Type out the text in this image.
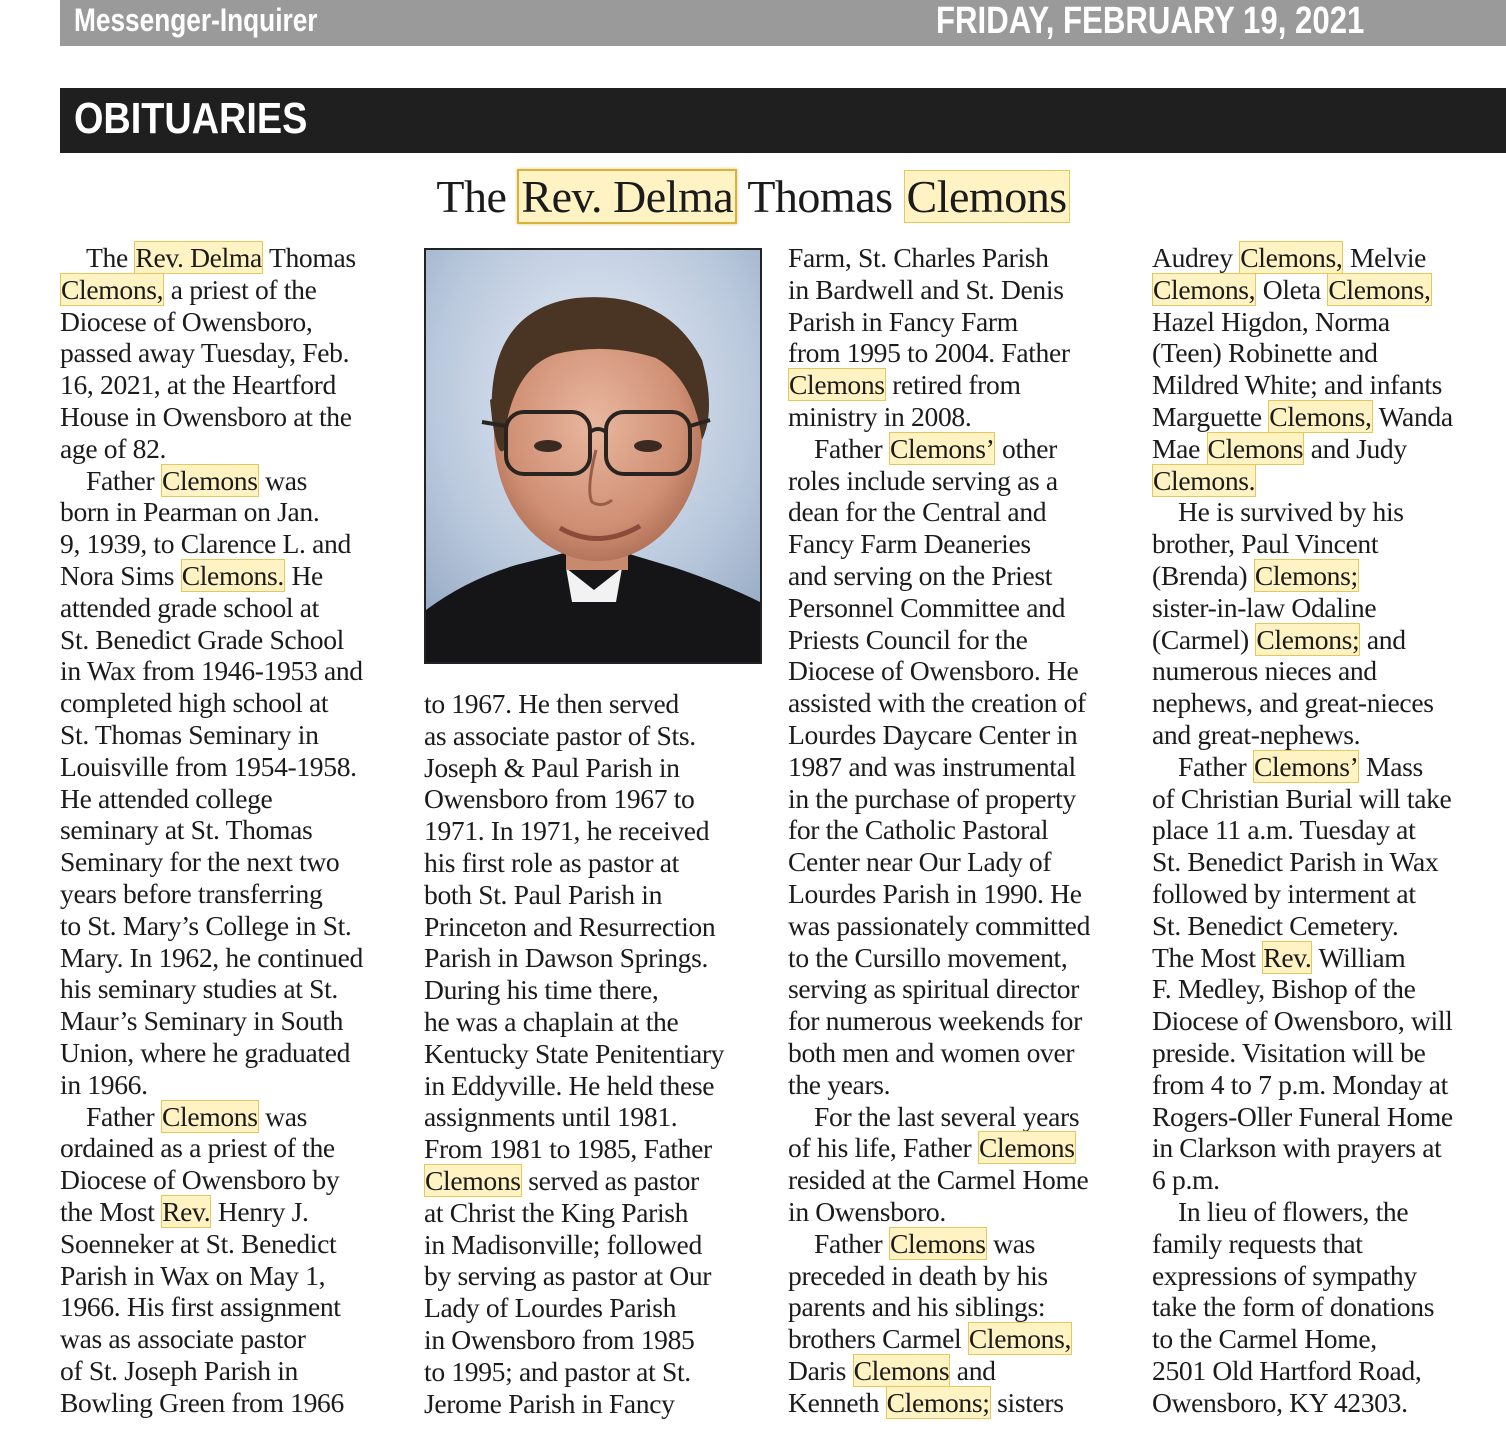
Messenger-Inquirer	FRIDAY, FEBRUARY 19, 2021
OBITUARIES
The Rev. Delma Thomas Clemons

The Rev. Delma Thomas

Clemons, a priest of the

Diocese of Owensboro,

passed away Tuesday, Feb.

16, 2021, at the Heartford

House in Owensboro at the

age of 82.

Father Clemons was

born in Pearman on Jan.

9, 1939, to Clarence L. and

Nora Sims Clemons. He

attended grade school at

St. Benedict Grade School

in Wax from 1946-1953 and

completed high school at

St. Thomas Seminary in

Louisville from 1954-1958.

He attended college

seminary at St. Thomas

Seminary for the next two

years before transferring

to St. Mary’s College in St.

Mary. In 1962, he continued

his seminary studies at St.

Maur’s Seminary in South

Union, where he graduated

in 1966.

Father Clemons was

ordained as a priest of the

Diocese of Owensboro by

the Most Rev. Henry J.

Soenneker at St. Benedict

Parish in Wax on May 1,

1966. His first assignment

was as associate pastor

of St. Joseph Parish in

Bowling Green from 1966

to 1967. He then served

as associate pastor of Sts.

Joseph & Paul Parish in

Owensboro from 1967 to

1971. In 1971, he received

his first role as pastor at

both St. Paul Parish in

Princeton and Resurrection

Parish in Dawson Springs.

During his time there,

he was a chaplain at the

Kentucky State Penitentiary

in Eddyville. He held these

assignments until 1981.

From 1981 to 1985, Father

Clemons served as pastor

at Christ the King Parish

in Madisonville; followed

by serving as pastor at Our

Lady of Lourdes Parish

in Owensboro from 1985

to 1995; and pastor at St.

Jerome Parish in Fancy

Farm, St. Charles Parish

in Bardwell and St. Denis

Parish in Fancy Farm

from 1995 to 2004. Father

Clemons retired from

ministry in 2008.

Father Clemons’ other

roles include serving as a

dean for the Central and

Fancy Farm Deaneries

and serving on the Priest

Personnel Committee and

Priests Council for the

Diocese of Owensboro. He

assisted with the creation of

Lourdes Daycare Center in

1987 and was instrumental

in the purchase of property

for the Catholic Pastoral

Center near Our Lady of

Lourdes Parish in 1990. He

was passionately committed

to the Cursillo movement,

serving as spiritual director

for numerous weekends for

both men and women over

the years.

For the last several years

of his life, Father Clemons

resided at the Carmel Home

in Owensboro.

Father Clemons was

preceded in death by his

parents and his siblings:

brothers Carmel Clemons,

Daris Clemons and

Kenneth Clemons; sisters

Audrey Clemons, Melvie

Clemons, Oleta Clemons,

Hazel Higdon, Norma

(Teen) Robinette and

Mildred White; and infants

Marguette Clemons, Wanda

Mae Clemons and Judy

Clemons.

He is survived by his

brother, Paul Vincent

(Brenda) Clemons;

sister-in-law Odaline

(Carmel) Clemons; and

numerous nieces and

nephews, and great-nieces

and great-nephews.

Father Clemons’ Mass

of Christian Burial will take

place 11 a.m. Tuesday at

St. Benedict Parish in Wax

followed by interment at

St. Benedict Cemetery.

The Most Rev. William

F. Medley, Bishop of the

Diocese of Owensboro, will

preside. Visitation will be

from 4 to 7 p.m. Monday at

Rogers-Oller Funeral Home

in Clarkson with prayers at

6 p.m.

In lieu of flowers, the

family requests that

expressions of sympathy

take the form of donations

to the Carmel Home,

2501 Old Hartford Road,

Owensboro, KY 42303.
